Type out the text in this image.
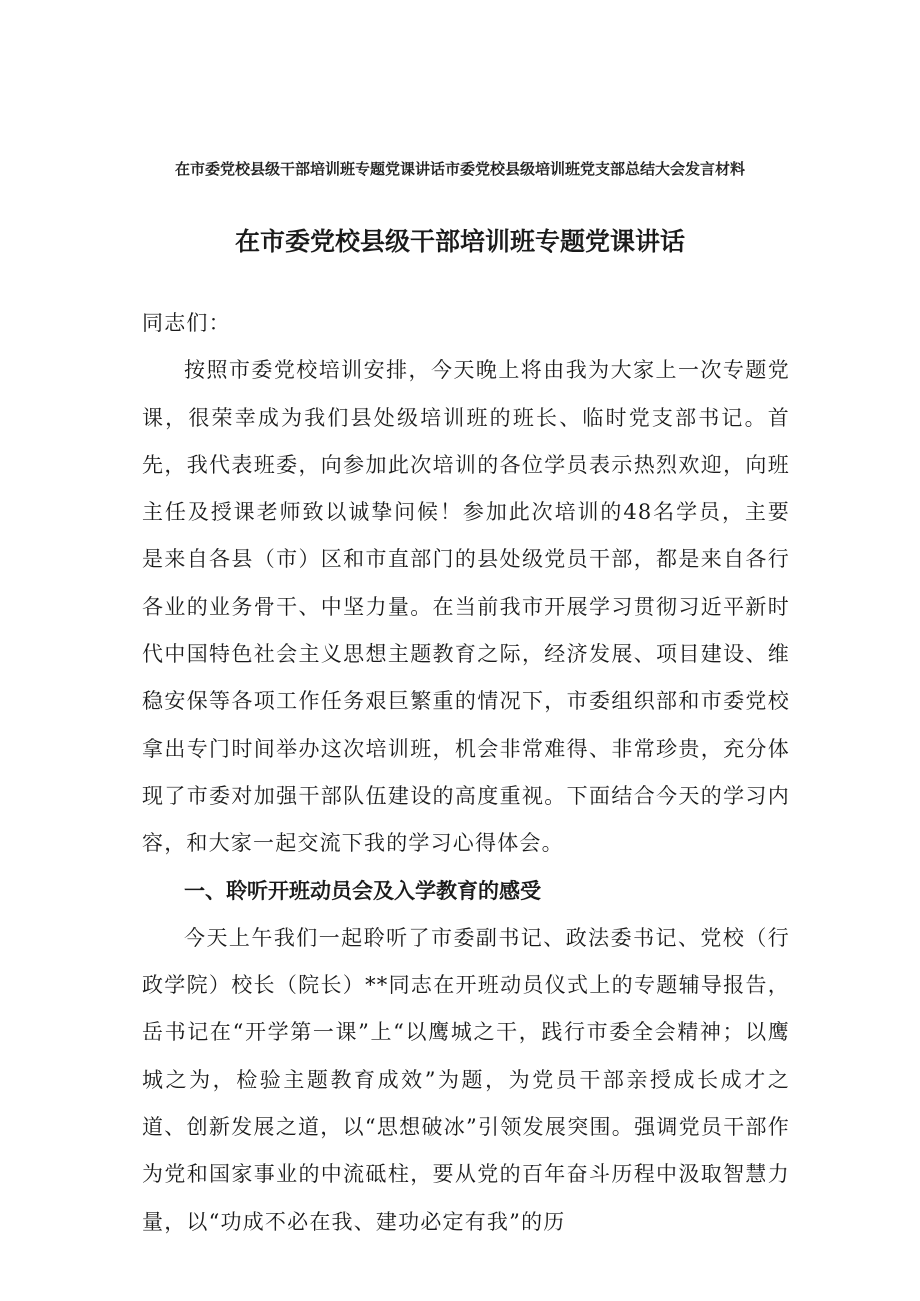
在市委党校县级干部培训班专题党课讲话市委党校县级培训班党支部总结大会发言材料
在市委党校县级干部培训班专题党课讲话

同志们：

按照市委党校培训安排，今天晚上将由我为大家上一次专题党课，很荣幸成为我们县处级培训班的班长、临时党支部书记。首先，我代表班委，向参加此次培训的各位学员表示热烈欢迎，向班主任及授课老师致以诚挚问候！参加此次培训的48名学员，主要是来自各县（市）区和市直部门的县处级党员干部，都是来自各行各业的业务骨干、中坚力量。在当前我市开展学习贯彻习近平新时代中国特色社会主义思想主题教育之际，经济发展、项目建设、维稳安保等各项工作任务艰巨繁重的情况下，市委组织部和市委党校拿出专门时间举办这次培训班，机会非常难得、非常珍贵，充分体现了市委对加强干部队伍建设的高度重视。下面结合今天的学习内容，和大家一起交流下我的学习心得体会。

一、聆听开班动员会及入学教育的感受

今天上午我们一起聆听了市委副书记、政法委书记、党校（行政学院）校长（院长）**同志在开班动员仪式上的专题辅导报告，岳书记在“开学第一课”上“以鹰城之干，践行市委全会精神；以鹰城之为，检验主题教育成效”为题，为党员干部亲授成长成才之道、创新发展之道，以“思想破冰”引领发展突围。强调党员干部作为党和国家事业的中流砥柱，要从党的百年奋斗历程中汲取智慧力量，以“功成不必在我、建功必定有我”的历
